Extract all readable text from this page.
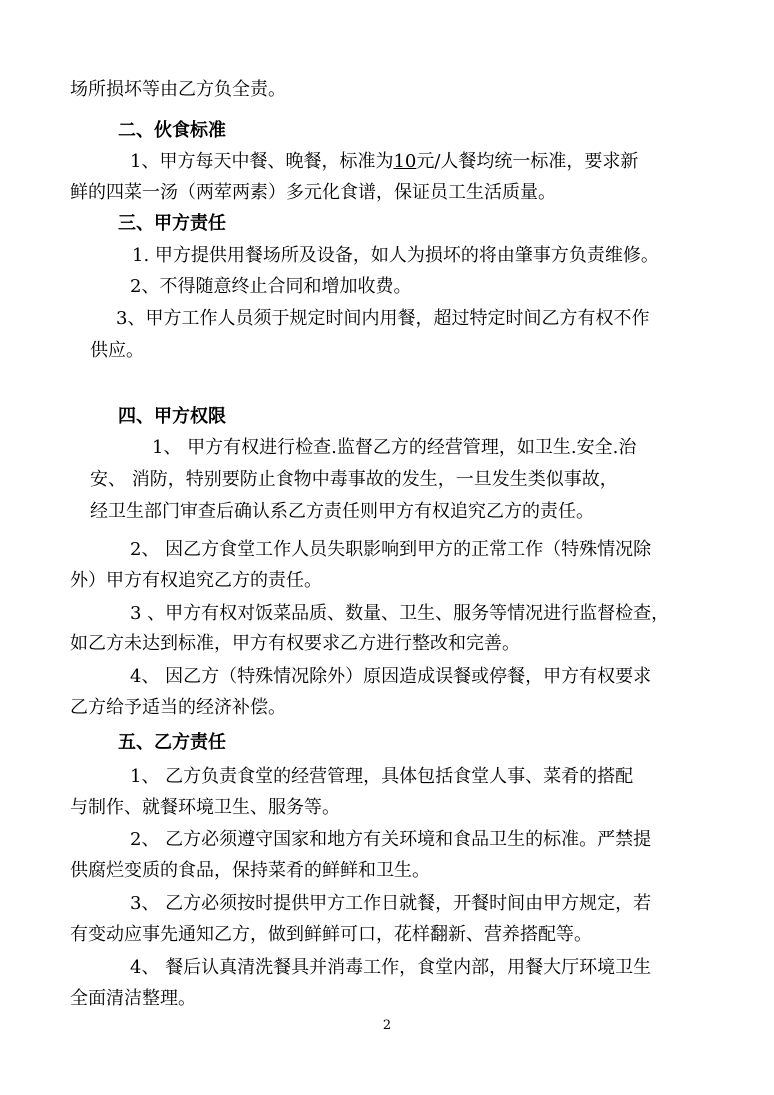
场所损坏等由乙方负全责。
二、伙食标准
1、甲方每天中餐、晚餐，标准为10元/人餐均统一标准，要求新
鲜的四菜一汤（两荤两素）多元化食谱，保证员工生活质量。
三、甲方责任
1. 甲方提供用餐场所及设备，如人为损坏的将由肇事方负责维修。
2、不得随意终止合同和增加收费。
3、甲方工作人员须于规定时间内用餐，超过特定时间乙方有权不作
供应。
四、甲方权限
1、 甲方有权进行检查.监督乙方的经营管理，如卫生.安全.治
安、 消防，特别要防止食物中毒事故的发生，一旦发生类似事故，
经卫生部门审查后确认系乙方责任则甲方有权追究乙方的责任。
2、 因乙方食堂工作人员失职影响到甲方的正常工作（特殊情况除
外）甲方有权追究乙方的责任。
3 、甲方有权对饭菜品质、数量、卫生、服务等情况进行监督检查，
如乙方未达到标准，甲方有权要求乙方进行整改和完善。
4、 因乙方（特殊情况除外）原因造成误餐或停餐，甲方有权要求
乙方给予适当的经济补偿。
五、乙方责任
1、 乙方负责食堂的经营管理，具体包括食堂人事、菜肴的搭配
与制作、就餐环境卫生、服务等。
2、 乙方必须遵守国家和地方有关环境和食品卫生的标准。严禁提
供腐烂变质的食品，保持菜肴的鲜鲜和卫生。
3、 乙方必须按时提供甲方工作日就餐，开餐时间由甲方规定，若
有变动应事先通知乙方，做到鲜鲜可口，花样翻新、营养搭配等。
4、 餐后认真清洗餐具并消毒工作，食堂内部，用餐大厅环境卫生
全面清洁整理。
2
